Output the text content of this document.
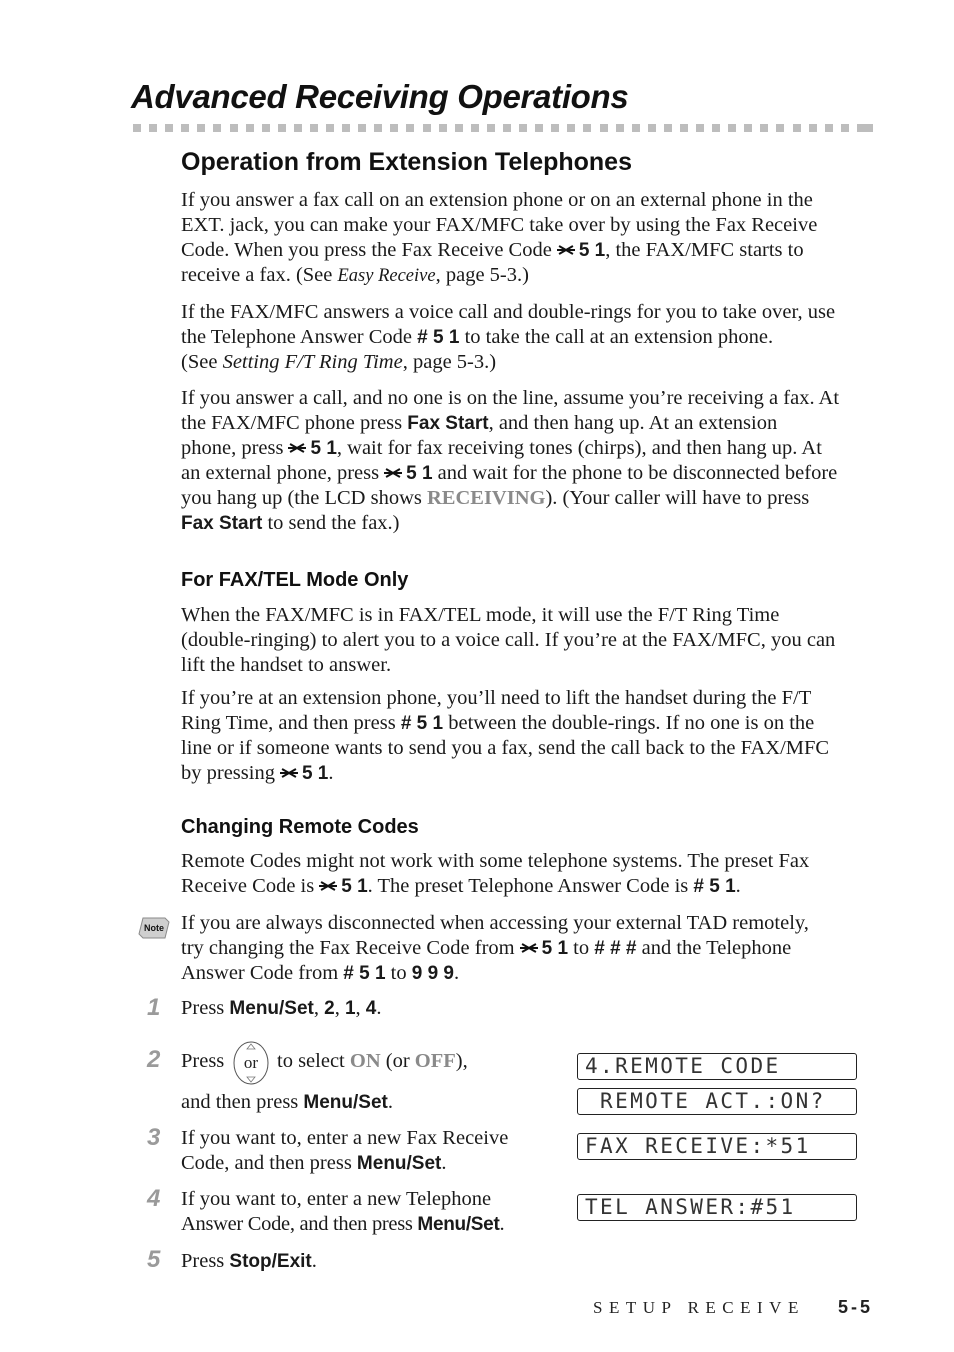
Advanced Receiving Operations
Operation from Extension Telephones
If you answer a fax call on an extension phone or on an external phone in the
EXT. jack, you can make your FAX/MFC take over by using the Fax Receive
Code. When you press the Fax Receive Code 5 1, the FAX/MFC starts to
receive a fax. (See Easy Receive, page 5-3.)
If the FAX/MFC answers a voice call and double-rings for you to take over, use
the Telephone Answer Code # 5 1 to take the call at an extension phone.
(See Setting F/T Ring Time, page 5-3.)
If you answer a call, and no one is on the line, assume you’re receiving a fax. At
the FAX/MFC phone press Fax Start, and then hang up. At an extension
phone, press 5 1, wait for fax receiving tones (chirps), and then hang up. At
an external phone, press 5 1 and wait for the phone to be disconnected before
you hang up (the LCD shows RECEIVING). (Your caller will have to press
Fax Start to send the fax.)
For FAX/TEL Mode Only
When the FAX/MFC is in FAX/TEL mode, it will use the F/T Ring Time
(double-ringing) to alert you to a voice call. If you’re at the FAX/MFC, you can
lift the handset to answer.
If you’re at an extension phone, you’ll need to lift the handset during the F/T
Ring Time, and then press # 5 1 between the double-rings. If no one is on the
line or if someone wants to send you a fax, send the call back to the FAX/MFC
by pressing 5 1.
Changing Remote Codes
Remote Codes might not work with some telephone systems. The preset Fax
Receive Code is 5 1. The preset Telephone Answer Code is # 5 1.
Note If you are always disconnected when accessing your external TAD remotely,
try changing the Fax Receive Code from 5 1 to # # # and the Telephone
Answer Code from # 5 1 to 9 9 9.
1 Press Menu/Set, 2, 1, 4.
2 Press	or to select ON (or OFF),
and then press Menu/Set.
3 If you want to, enter a new Fax Receive
Code, and then press Menu/Set.
4 If you want to, enter a new Telephone
Answer Code, and then press Menu/Set.
5 Press Stop/Exit.
4.REMOTE CODE
REMOTE ACT.:ON?
FAX RECEIVE:*51
TEL ANSWER:#51
SETUP RECEIVE 5-5
